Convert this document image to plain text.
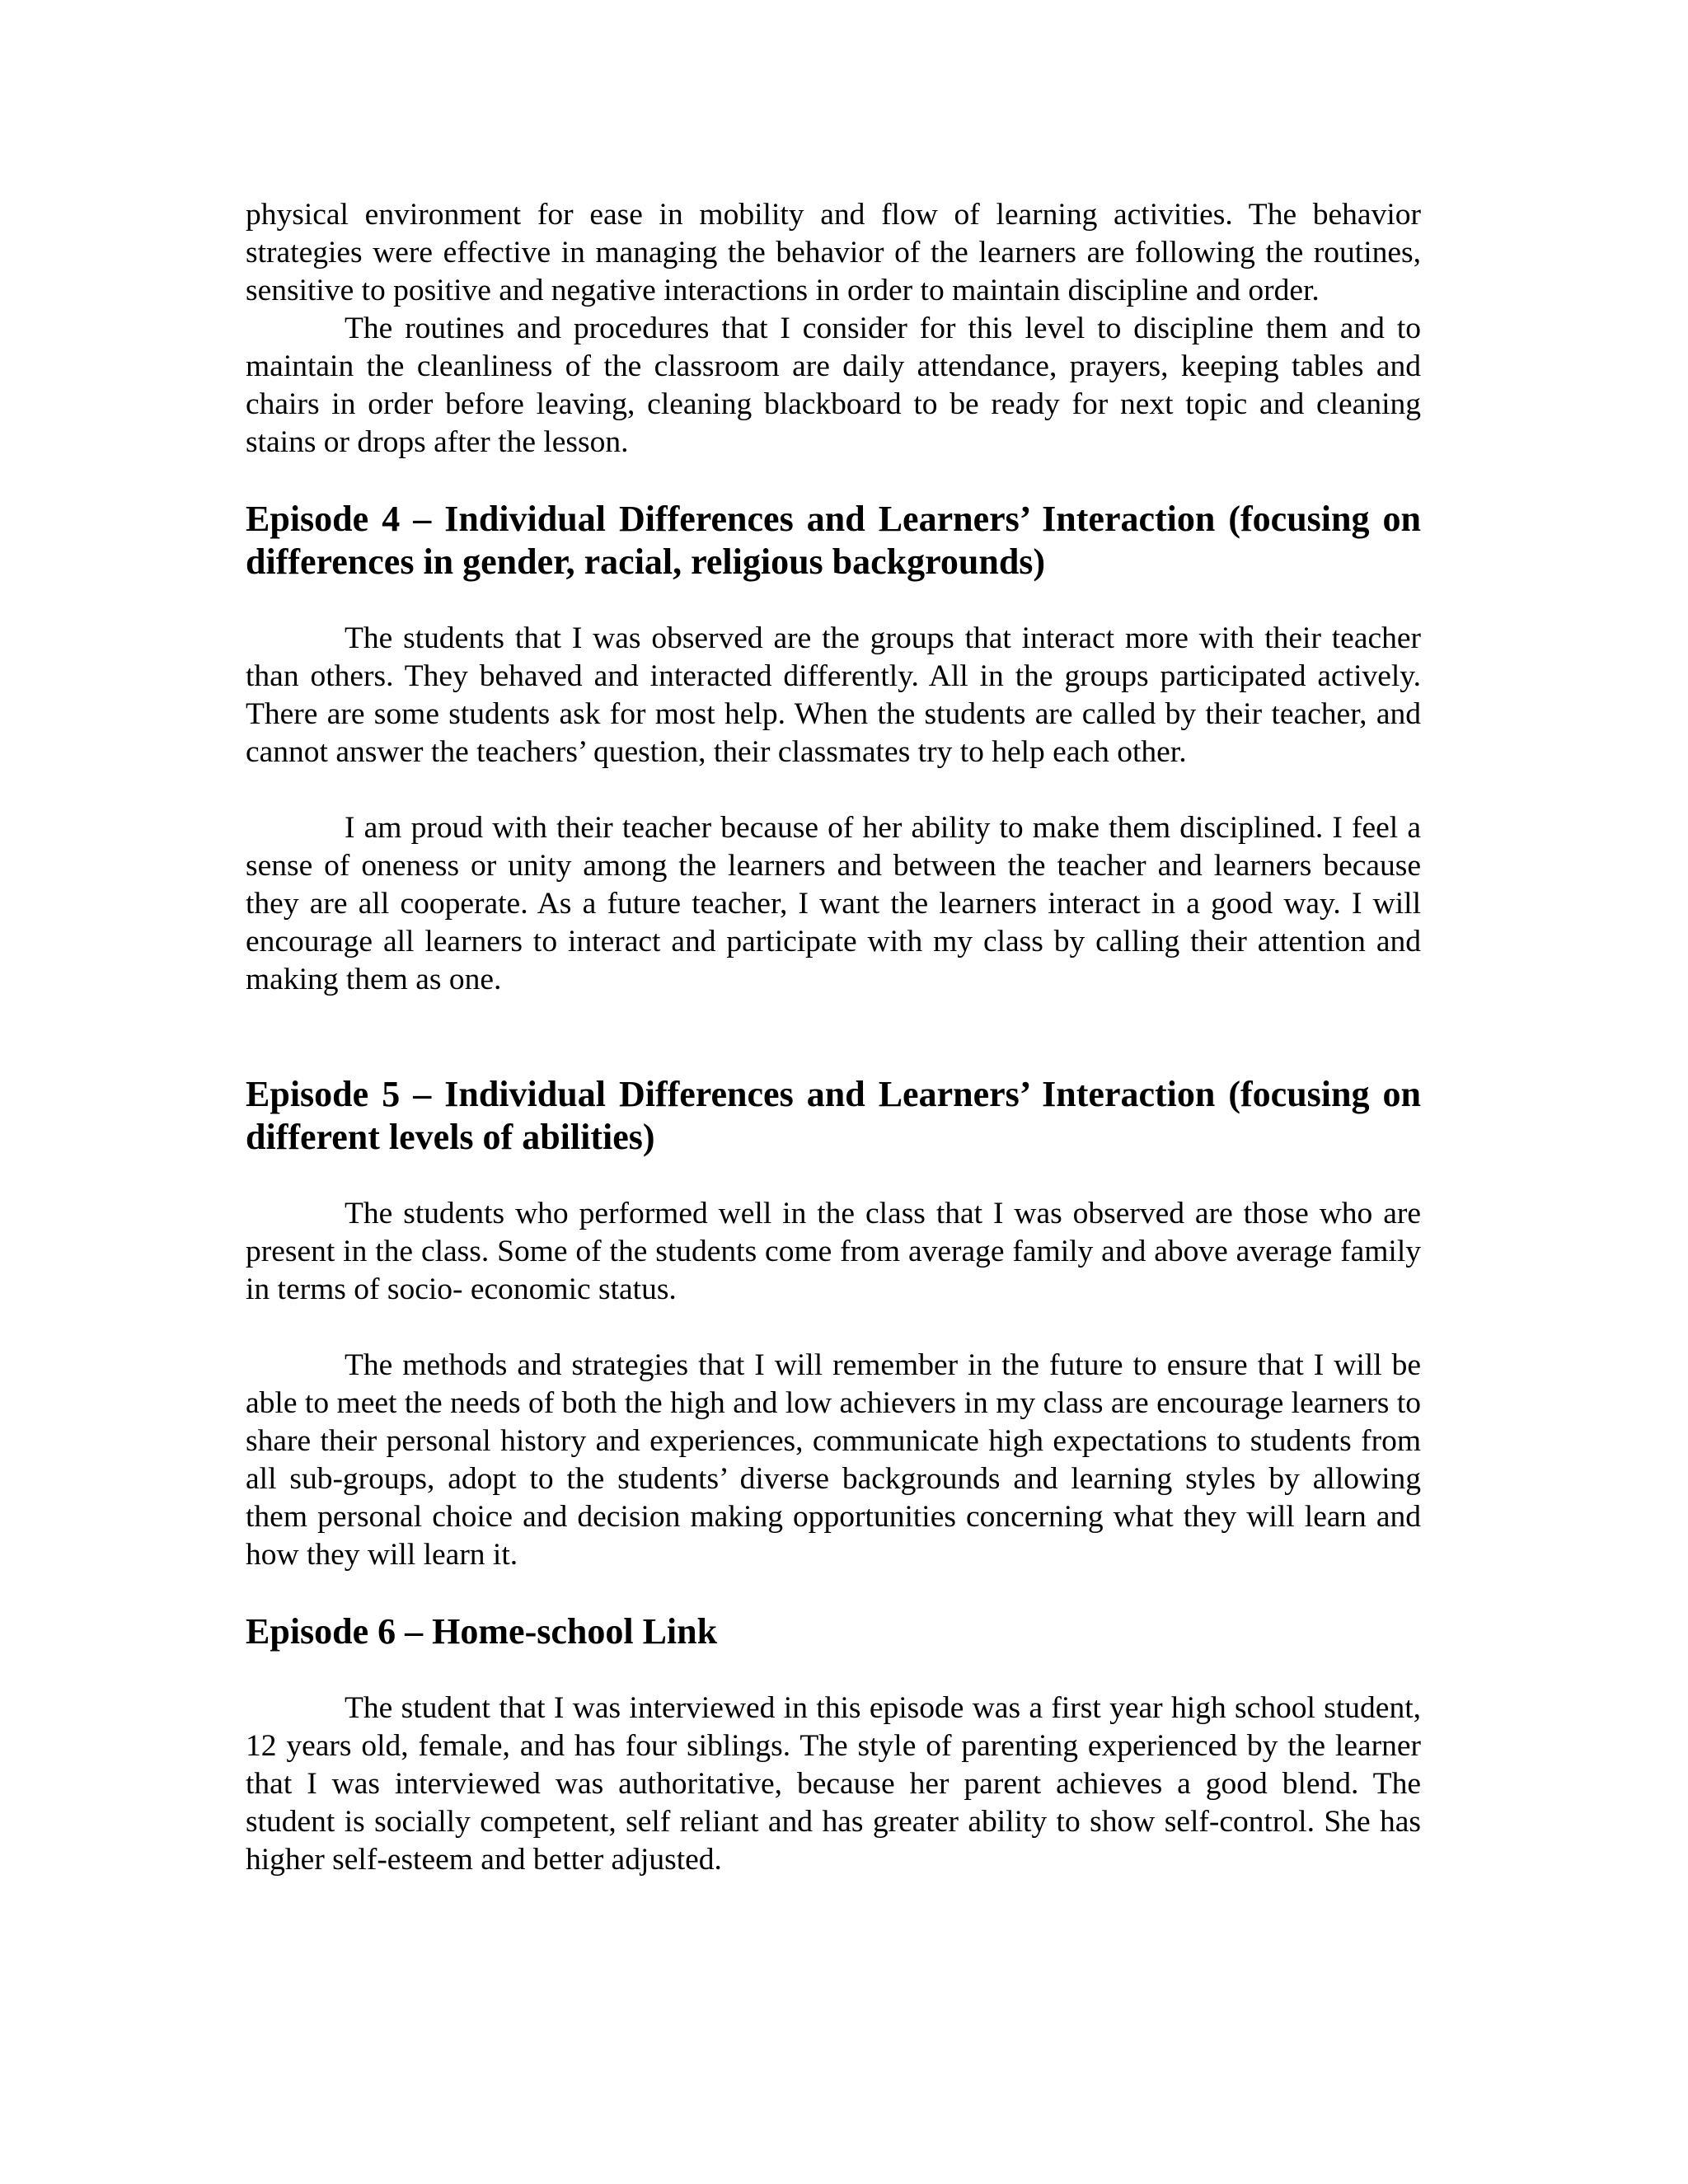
physical environment for ease in mobility and flow of learning activities. The behavior strategies were effective in managing the behavior of the learners are following the routines, sensitive to positive and negative interactions in order to maintain discipline and order.

The routines and procedures that I consider for this level to discipline them and to maintain the cleanliness of the classroom are daily attendance, prayers, keeping tables and chairs in order before leaving, cleaning blackboard to be ready for next topic and cleaning stains or drops after the lesson.

Episode 4 – Individual Differences and Learners’ Interaction (focusing on differences in gender, racial, religious backgrounds)

The students that I was observed are the groups that interact more with their teacher than others. They behaved and interacted differently. All in the groups participated actively. There are some students ask for most help. When the students are called by their teacher, and cannot answer the teachers’ question, their classmates try to help each other.

I am proud with their teacher because of her ability to make them disciplined. I feel a sense of oneness or unity among the learners and between the teacher and learners because they are all cooperate. As a future teacher, I want the learners interact in a good way. I will encourage all learners to interact and participate with my class by calling their attention and making them as one.

Episode 5 – Individual Differences and Learners’ Interaction (focusing on different levels of abilities)

The students who performed well in the class that I was observed are those who are present in the class. Some of the students come from average family and above average family in terms of socio- economic status.

The methods and strategies that I will remember in the future to ensure that I will be able to meet the needs of both the high and low achievers in my class are encourage learners to share their personal history and experiences, communicate high expectations to students from all sub-groups, adopt to the students’ diverse backgrounds and learning styles by allowing them personal choice and decision making opportunities concerning what they will learn and how they will learn it.

Episode 6 – Home-school Link

The student that I was interviewed in this episode was a first year high school student, 12 years old, female, and has four siblings. The style of parenting experienced by the learner that I was interviewed was authoritative, because her parent achieves a good blend. The student is socially competent, self reliant and has greater ability to show self-control. She has higher self-esteem and better adjusted.
